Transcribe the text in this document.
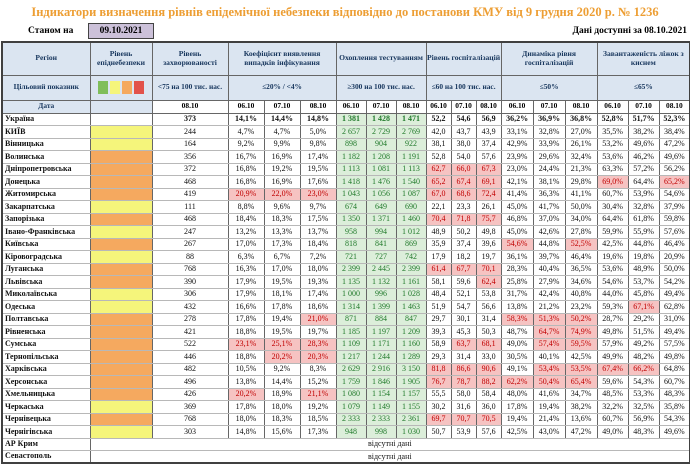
Індикатори визначення рівнів епідемічної небезпеки відповідно до постанови КМУ від 9 грудня 2020 р. № 1236
Станом на	09.10.2021	Дані доступні за 08.10.2021
Регіон	Рівень епіднебезпеки	Рівень захворюваності	Коефіцієнт виявлення випадків інфікування			Охоплення тестуванням			Рівень госпіталізацій			Динаміка рівня госпіталізацій			Завантаженість ліжок з киснем		
Цільовий показник		<75 на 100 тис. нас.	≤20% / <4%			≥300 на 100 тис. нас.			≤60 на 100 тис. нас.			≤50%			≤65%		
Дата		08.10	06.10	07.10	08.10	06.10	07.10	08.10	06.10	07.10	08.10	06.10	07.10	08.10	06.10	07.10	08.10
Україна		373	14,1%	14,4%	14,8%	1 381	1 428	1 471	52,2	54,6	56,9	36,2%	36,9%	36,8%	52,8%	51,7%	52,3%
КИЇВ		244	4,7%	4,7%	5,0%	2 657	2 729	2 769	42,0	43,7	43,9	33,1%	32,8%	27,0%	35,5%	38,2%	38,4%
Вінницька		164	9,2%	9,9%	9,8%	898	904	922	38,1	38,0	37,4	42,9%	33,9%	26,1%	53,2%	49,6%	47,2%
Волинська		356	16,7%	16,9%	17,4%	1 182	1 208	1 191	52,8	54,0	57,6	23,9%	29,6%	32,4%	53,6%	46,2%	49,6%
Дніпропетровська		372	16,8%	19,2%	19,5%	1 113	1 081	1 113	62,7	66,0	67,3	23,0%	24,4%	21,3%	63,3%	57,2%	56,2%
Донецька		468	16,8%	16,9%	17,6%	1 418	1 476	1 540	65,2	67,4	69,1	42,1%	38,1%	29,8%	69,0%	64,4%	65,2%
Житомирська		419	20,9%	22,0%	23,0%	1 043	1 056	1 087	67,0	68,6	72,4	41,4%	36,3%	41,1%	60,7%	53,9%	54,6%
Закарпатська		111	8,8%	9,6%	9,7%	674	649	690	22,1	23,3	26,1	45,0%	41,7%	50,0%	30,4%	32,8%	37,9%
Запорізька		468	18,4%	18,3%	17,5%	1 350	1 371	1 460	70,4	71,8	75,7	46,8%	37,0%	34,0%	64,4%	61,8%	59,8%
Івано-Франківська		247	13,2%	13,3%	13,7%	958	994	1 012	48,9	50,2	49,8	45,0%	42,6%	27,8%	59,9%	55,9%	57,6%
Київська		267	17,0%	17,3%	18,4%	818	841	869	35,9	37,4	39,6	54,6%	44,8%	52,5%	42,5%	44,8%	46,4%
Кіровоградська		88	6,3%	6,7%	7,2%	721	727	742	17,9	18,2	19,7	36,1%	39,7%	46,4%	19,6%	19,8%	20,9%
Луганська		768	16,3%	17,0%	18,0%	2 399	2 445	2 399	61,4	67,7	70,1	28,3%	40,4%	36,5%	53,6%	48,9%	50,0%
Львівська		390	17,9%	19,5%	19,3%	1 135	1 132	1 161	58,1	59,6	62,4	25,8%	27,9%	34,6%	54,6%	53,7%	54,2%
Миколаївська		306	17,9%	18,1%	17,4%	1 000	996	1 028	48,4	52,1	53,8	31,7%	42,4%	40,8%	44,0%	45,8%	49,4%
Одеська		432	16,6%	17,8%	18,6%	1 314	1 399	1 463	51,9	54,7	56,6	13,8%	21,2%	23,2%	59,3%	67,1%	62,8%
Полтавська		278	17,8%	19,4%	21,0%	871	884	847	29,7	30,1	31,4	58,3%	51,3%	50,2%	28,7%	29,2%	31,0%
Рівненська		421	18,8%	19,5%	19,7%	1 185	1 197	1 209	39,3	45,3	50,3	48,7%	64,7%	74,9%	49,8%	51,5%	49,4%
Сумська		522	23,1%	25,1%	28,3%	1 109	1 171	1 160	58,9	63,7	68,1	49,0%	57,4%	59,5%	57,9%	49,2%	57,5%
Тернопільська		446	18,8%	20,2%	20,3%	1 217	1 244	1 289	29,3	31,4	33,0	30,5%	40,1%	42,5%	49,9%	48,2%	49,8%
Харківська		482	10,5%	9,2%	8,3%	2 629	2 916	3 150	81,8	86,6	90,6	49,1%	53,4%	53,5%	67,4%	66,2%	64,8%
Херсонська		496	13,8%	14,4%	15,2%	1 759	1 846	1 905	76,7	78,7	88,2	62,2%	50,4%	65,4%	59,6%	54,3%	60,7%
Хмельницька		426	20,2%	18,9%	21,1%	1 080	1 154	1 157	55,5	58,0	58,4	48,0%	41,6%	34,7%	48,5%	53,3%	48,3%
Черкаська		369	17,8%	18,0%	19,2%	1 079	1 149	1 155	30,2	31,6	36,0	17,8%	19,4%	38,2%	32,2%	32,5%	35,8%
Чернівецька		768	18,0%	18,3%	18,5%	2 333	2 333	2 361	69,7	70,7	70,5	19,4%	21,4%	13,6%	60,7%	56,9%	54,3%
Чернігівська		303	14,8%	15,6%	17,3%	948	998	1 030	50,7	53,9	57,6	42,5%	43,0%	47,2%	49,0%	48,3%	49,6%
АР Крим	відсутні дані																
Севастополь	відсутні дані																
